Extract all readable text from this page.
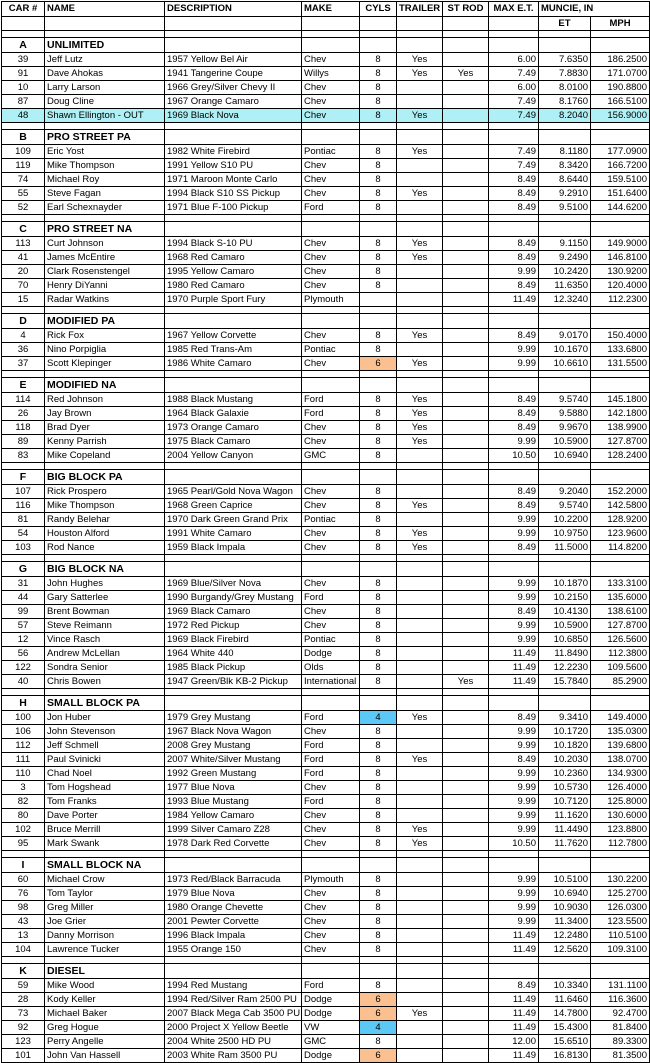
CAR #	NAME	DESCRIPTION	MAKE	CYLS	TRAILER	ST ROD	MAX E.T.	MUNCIE, IN	
								ET	MPH

A	UNLIMITED								
39	Jeff Lutz	1957 Yellow Bel Air	Chev	8	Yes		6.00	7.6350	186.2500
91	Dave Ahokas	1941 Tangerine Coupe	Willys	8	Yes	Yes	7.49	7.8830	171.0700
10	Larry Larson	1966 Grey/Silver Chevy II	Chev	8			6.00	8.0100	190.8800
87	Doug Cline	1967 Orange Camaro	Chev	8			7.49	8.1760	166.5100
48	Shawn Ellington - OUT	1969 Black Nova	Chev	8	Yes		7.49	8.2040	156.9000

B	PRO STREET PA								
109	Eric Yost	1982 White Firebird	Pontiac	8	Yes		7.49	8.1180	177.0900
119	Mike Thompson	1991 Yellow S10 PU	Chev	8			7.49	8.3420	166.7200
74	Michael Roy	1971 Maroon Monte Carlo	Chev	8			8.49	8.6440	159.5100
55	Steve Fagan	1994 Black S10 SS Pickup	Chev	8	Yes		8.49	9.2910	151.6400
52	Earl Schexnayder	1971 Blue F-100 Pickup	Ford	8			8.49	9.5100	144.6200

C	PRO STREET NA								
113	Curt Johnson	1994 Black S-10 PU	Chev	8	Yes		8.49	9.1150	149.9000
41	James McEntire	1968 Red Camaro	Chev	8	Yes		8.49	9.2490	146.8100
20	Clark Rosenstengel	1995 Yellow Camaro	Chev	8			9.99	10.2420	130.9200
70	Henry DiYanni	1980 Red Camaro	Chev	8			8.49	11.6350	120.4000
15	Radar Watkins	1970 Purple Sport Fury	Plymouth				11.49	12.3240	112.2300

D	MODIFIED PA								
4	Rick Fox	1967 Yellow Corvette	Chev	8	Yes		8.49	9.0170	150.4000
36	Nino Porpiglia	1985 Red Trans-Am	Pontiac	8			9.99	10.1670	133.6800
37	Scott Klepinger	1986 White Camaro	Chev	6	Yes		9.99	10.6610	131.5500

E	MODIFIED NA								
114	Red Johnson	1988 Black Mustang	Ford	8	Yes		8.49	9.5740	145.1800
26	Jay Brown	1964 Black Galaxie	Ford	8	Yes		8.49	9.5880	142.1800
118	Brad Dyer	1973 Orange Camaro	Chev	8	Yes		8.49	9.9670	138.9900
89	Kenny Parrish	1975 Black Camaro	Chev	8	Yes		9.99	10.5900	127.8700
83	Mike Copeland	2004 Yellow Canyon	GMC	8			10.50	10.6940	128.2400

F	BIG BLOCK PA								
107	Rick Prospero	1965 Pearl/Gold Nova Wagon	Chev	8			8.49	9.2040	152.2000
116	Mike Thompson	1968 Green Caprice	Chev	8	Yes		8.49	9.5740	142.5800
81	Randy Belehar	1970 Dark Green Grand Prix	Pontiac	8			9.99	10.2200	128.9200
54	Houston Alford	1991 White Camaro	Chev	8	Yes		9.99	10.9750	123.9600
103	Rod Nance	1959 Black Impala	Chev	8	Yes		8.49	11.5000	114.8200

G	BIG BLOCK NA								
31	John Hughes	1969 Blue/Silver Nova	Chev	8			9.99	10.1870	133.3100
44	Gary Satterlee	1990 Burgandy/Grey Mustang	Ford	8			9.99	10.2150	135.6000
99	Brent Bowman	1969 Black Camaro	Chev	8			8.49	10.4130	138.6100
57	Steve Reimann	1972 Red Pickup	Chev	8			9.99	10.5900	127.8700
12	Vince Rasch	1969 Black Firebird	Pontiac	8			9.99	10.6850	126.5600
56	Andrew McLellan	1964 White 440	Dodge	8			11.49	11.8490	112.3800
122	Sondra Senior	1985 Black Pickup	Olds	8			11.49	12.2230	109.5600
40	Chris Bowen	1947 Green/Blk KB-2 Pickup	International	8		Yes	11.49	15.7840	85.2900

H	SMALL BLOCK PA								
100	Jon Huber	1979 Grey Mustang	Ford	4	Yes		8.49	9.3410	149.4000
106	John Stevenson	1967 Black Nova Wagon	Chev	8			9.99	10.1720	135.0300
112	Jeff Schmell	2008 Grey Mustang	Ford	8			9.99	10.1820	139.6800
111	Paul Svinicki	2007 White/Silver Mustang	Ford	8	Yes		8.49	10.2030	138.0700
110	Chad Noel	1992 Green Mustang	Ford	8			9.99	10.2360	134.9300
3	Tom Hogshead	1977 Blue Nova	Chev	8			9.99	10.5730	126.4000
82	Tom Franks	1993 Blue Mustang	Ford	8			9.99	10.7120	125.8000
80	Dave Porter	1984 Yellow Camaro	Chev	8			9.99	11.1620	130.6000
102	Bruce Merrill	1999 Silver Camaro Z28	Chev	8	Yes		9.99	11.4490	123.8800
95	Mark Swank	1978 Dark Red Corvette	Chev	8	Yes		10.50	11.7620	112.7800

I	SMALL BLOCK NA								
60	Michael Crow	1973 Red/Black Barracuda	Plymouth	8			9.99	10.5100	130.2200
76	Tom Taylor	1979 Blue Nova	Chev	8			9.99	10.6940	125.2700
98	Greg Miller	1980 Orange Chevette	Chev	8			9.99	10.9030	126.0300
43	Joe Grier	2001 Pewter Corvette	Chev	8			9.99	11.3400	123.5500
13	Danny Morrison	1996 Black Impala	Chev	8			11.49	12.2480	110.5100
104	Lawrence Tucker	1955 Orange 150	Chev	8			11.49	12.5620	109.3100

K	DIESEL								
59	Mike Wood	1994 Red Mustang	Ford	8			8.49	10.3340	131.1100
28	Kody Keller	1994 Red/Silver Ram 2500 PU	Dodge	6			11.49	11.6460	116.3600
73	Michael Baker	2007 Black Mega Cab 3500 PU	Dodge	6	Yes		11.49	14.7800	92.4700
92	Greg Hogue	2000 Project X Yellow Beetle	VW	4			11.49	15.4300	81.8400
123	Perry Angelle	2004 White 2500 HD PU	GMC	8			12.00	15.6510	89.3300
101	John Van Hassell	2003 White Ram 3500 PU	Dodge	6			11.49	16.8130	81.3500
